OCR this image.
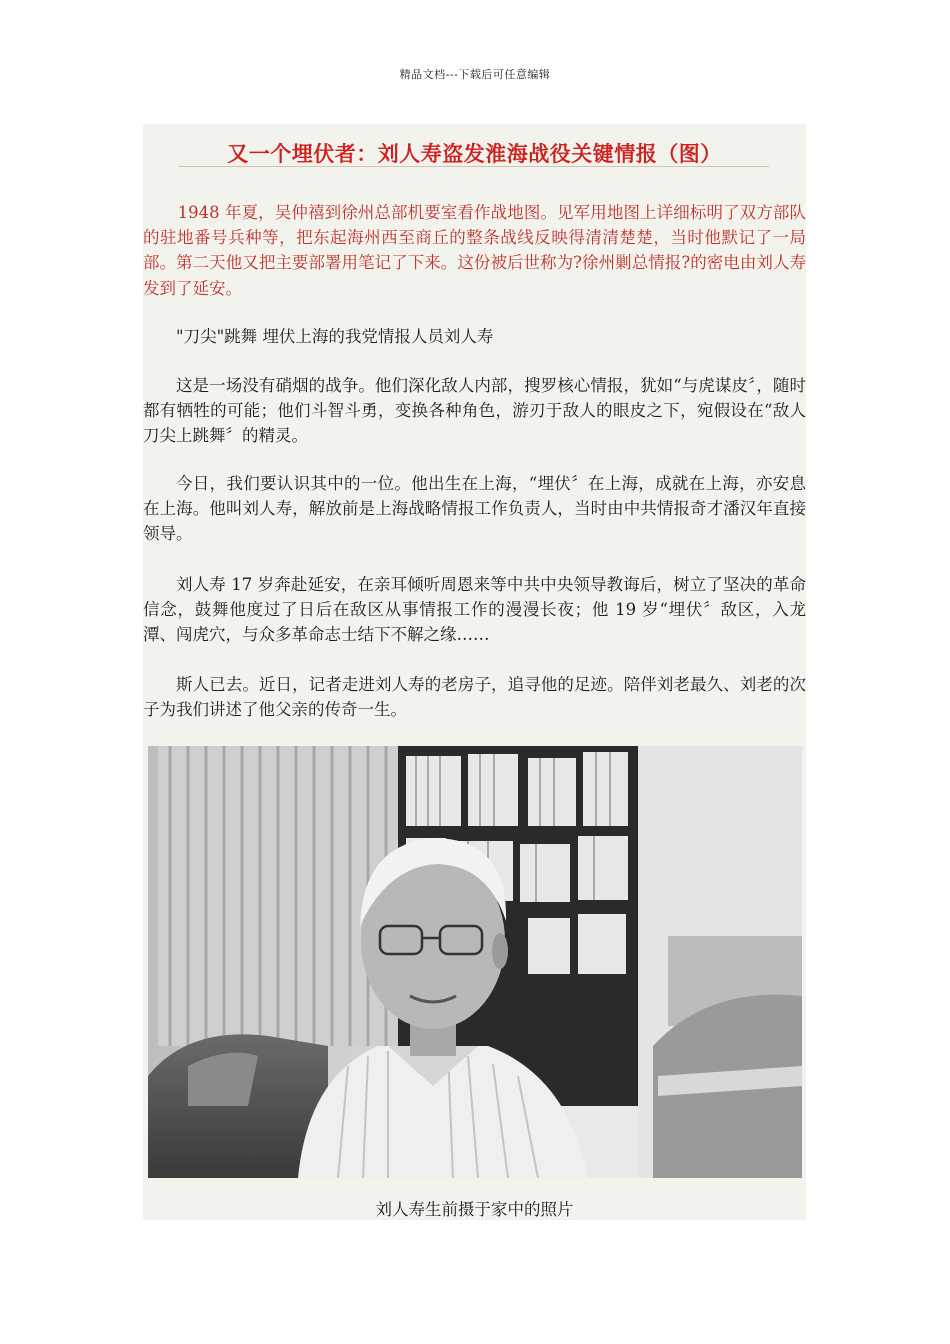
精品文档---下载后可任意编辑
又一个埋伏者：刘人寿盗发淮海战役关键情报（图）

1948 年夏，吴仲禧到徐州总部机要室看作战地图。见军用地图上详细标明了双方部队的驻地番号兵种等，把东起海州西至商丘的整条战线反映得清清楚楚，当时他默记了一局部。第二天他又把主要部署用笔记了下来。这份被后世称为?徐州剿总情报?的密电由刘人寿发到了延安。

"刀尖"跳舞 埋伏上海的我党情报人员刘人寿

这是一场没有硝烟的战争。他们深化敌人内部，搜罗核心情报，犹如“与虎谋皮〞，随时都有牺牲的可能；他们斗智斗勇，变换各种角色，游刃于敌人的眼皮之下，宛假设在“敌人刀尖上跳舞〞的精灵。

今日，我们要认识其中的一位。他出生在上海，“埋伏〞在上海，成就在上海，亦安息在上海。他叫刘人寿，解放前是上海战略情报工作负责人，当时由中共情报奇才潘汉年直接领导。

刘人寿 17 岁奔赴延安，在亲耳倾听周恩来等中共中央领导教诲后，树立了坚决的革命信念，鼓舞他度过了日后在敌区从事情报工作的漫漫长夜；他 19 岁“埋伏〞敌区，入龙潭、闯虎穴，与众多革命志士结下不解之缘……

斯人已去。近日，记者走进刘人寿的老房子，追寻他的足迹。陪伴刘老最久、刘老的次子为我们讲述了他父亲的传奇一生。

刘人寿生前摄于家中的照片
